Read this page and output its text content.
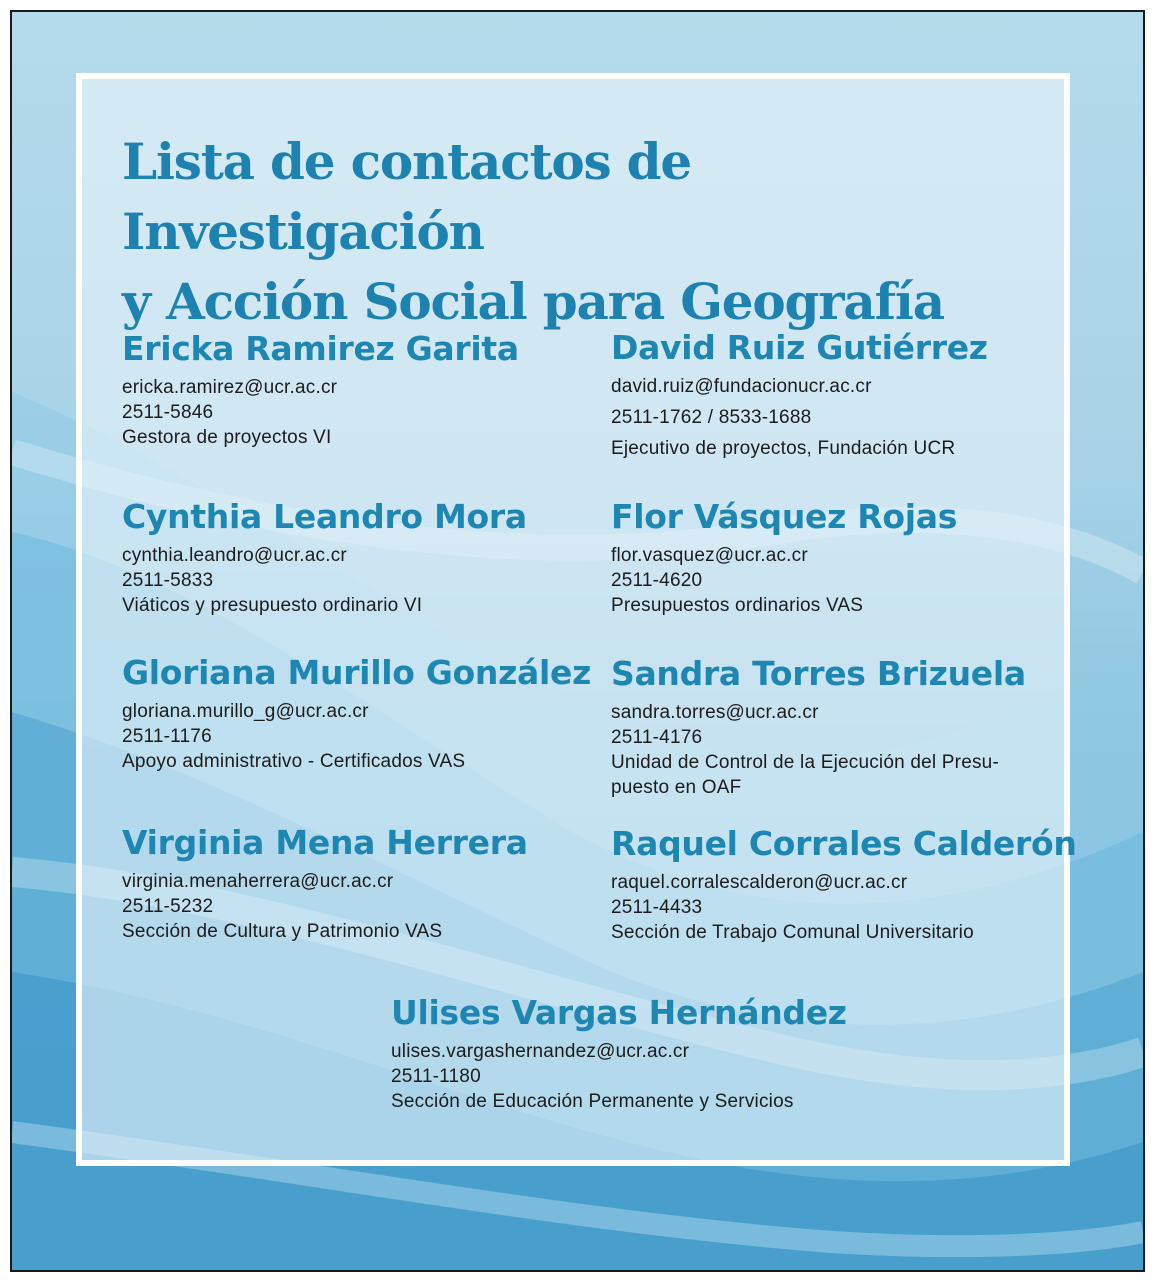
Lista de contactos de Investigación
y Acción Social para Geografía
Ericka Ramirez Garita
ericka.ramirez@ucr.ac.cr
2511-5846
Gestora de proyectos VI
Cynthia Leandro Mora
cynthia.leandro@ucr.ac.cr
2511-5833
Viáticos y presupuesto ordinario VI
Gloriana Murillo González
gloriana.murillo_g@ucr.ac.cr
2511-1176
Apoyo administrativo - Certificados VAS
Virginia Mena Herrera
virginia.menaherrera@ucr.ac.cr
2511-5232
Sección de Cultura y Patrimonio VAS
David Ruiz Gutiérrez
david.ruiz@fundacionucr.ac.cr
2511-1762 / 8533-1688
Ejecutivo de proyectos, Fundación UCR
Flor Vásquez Rojas
flor.vasquez@ucr.ac.cr
2511-4620
Presupuestos ordinarios VAS
Sandra Torres Brizuela
sandra.torres@ucr.ac.cr
2511-4176
Unidad de Control de la Ejecución del Presu-
puesto en OAF
Raquel Corrales Calderón
raquel.corralescalderon@ucr.ac.cr
2511-4433
Sección de Trabajo Comunal Universitario
Ulises Vargas Hernández
ulises.vargashernandez@ucr.ac.cr
2511-1180
Sección de Educación Permanente y Servicios
